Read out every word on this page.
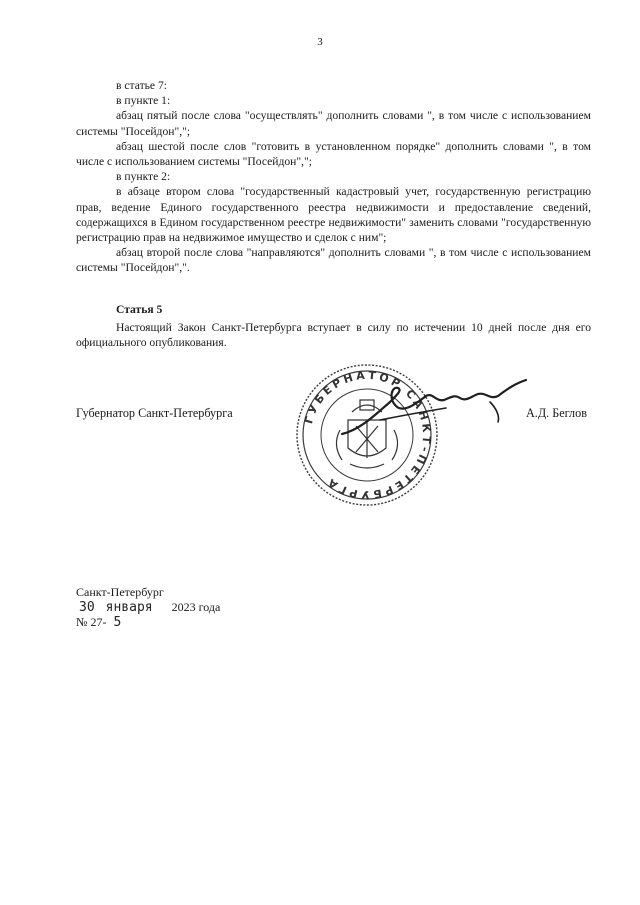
3

в статье 7:

в пункте 1:

абзац пятый после слова "осуществлять" дополнить словами ", в том числе с использованием системы "Посейдон",";

абзац шестой после слов "готовить в установленном порядке" дополнить словами ", в том числе с использованием системы "Посейдон",";

в пункте 2:

в абзаце втором слова "государственный кадастровый учет, государственную регистрацию прав, ведение Единого государственного реестра недвижимости и предоставление сведений, содержащихся в Едином государственном реестре недвижимости" заменить словами "государственную регистрацию прав на недвижимое имущество и сделок с ним";

абзац второй после слова "направляются" дополнить словами ", в том числе с использованием системы "Посейдон",".

Статья 5

Настоящий Закон Санкт-Петербурга вступает в силу по истечении 10 дней после дня его официального опубликования.

Губернатор Санкт-Петербурга	А.Д. Беглов
ГУБЕРНАТОР САНКТ-ПЕТЕРБУРГА
Санкт-Петербург
30 января 2023 года
№ 27- 5
